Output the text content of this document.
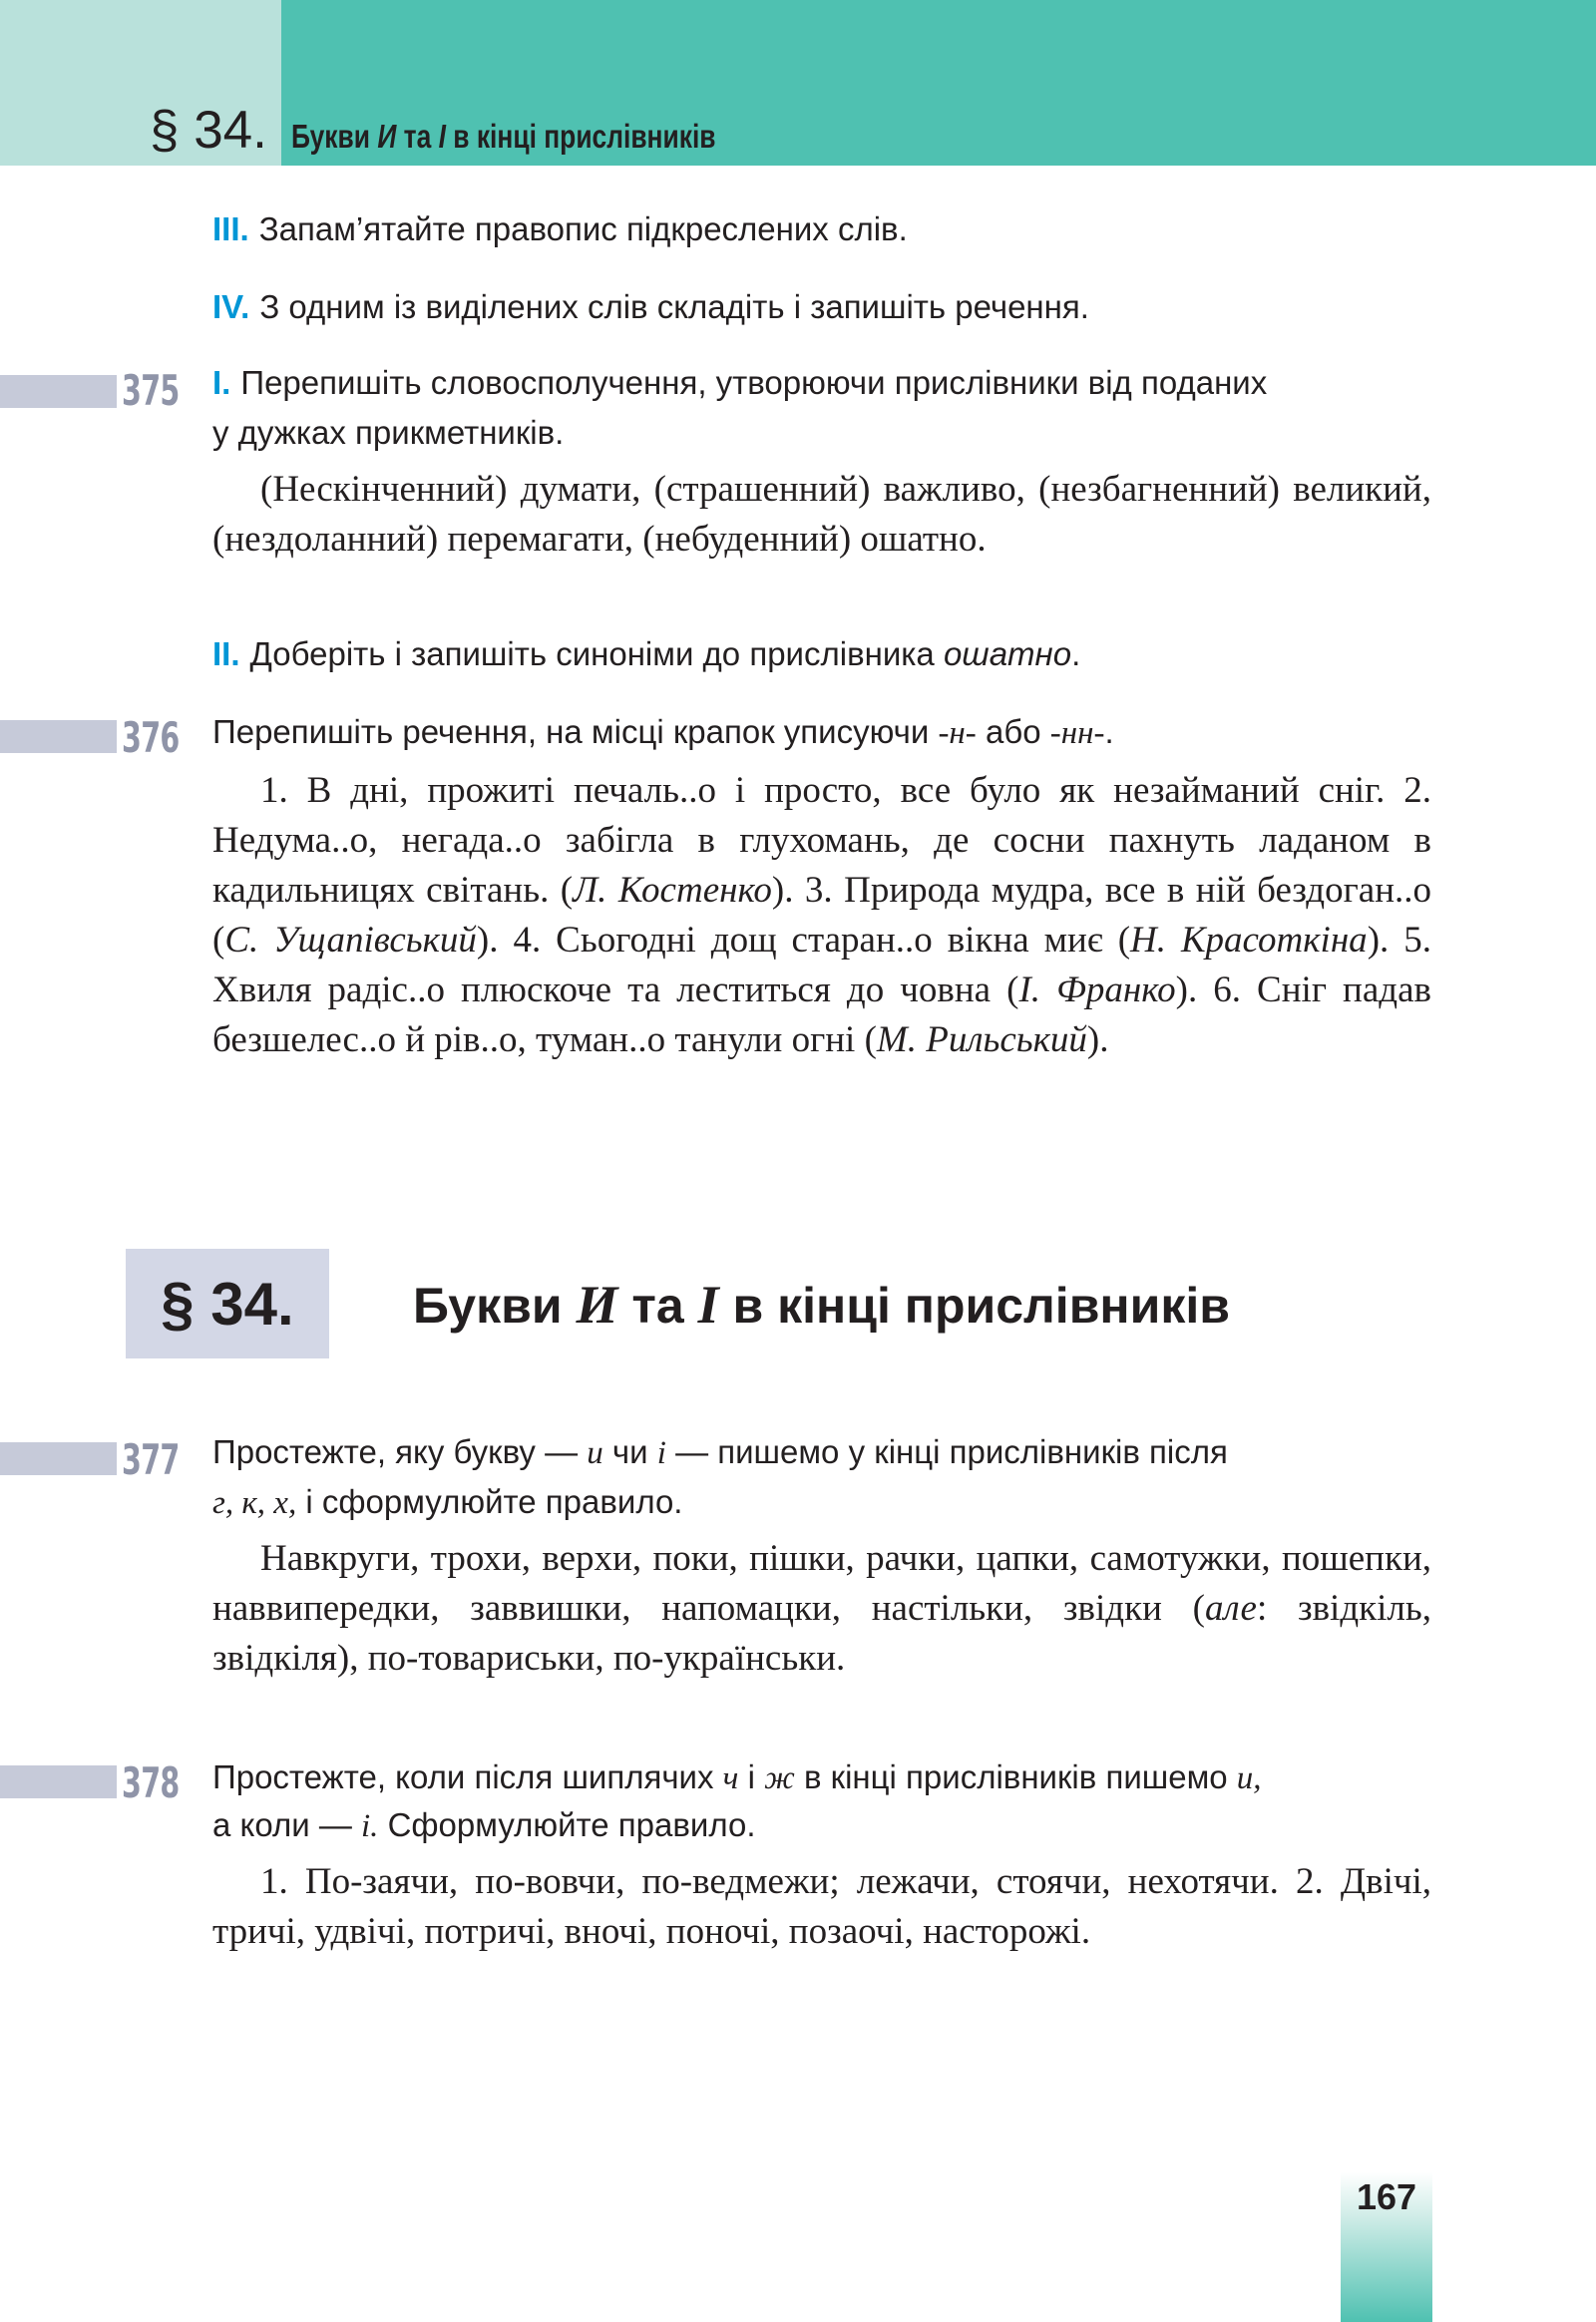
§ 34. Букви И та І в кінці прислівників
III. Запам’ятайте правопис підкреслених слів.
IV. З одним із виділених слів складіть і запишіть речення.
375 I. Перепишіть словосполучення, утворюючи прислівники від поданих
у дужках прикметників.
(Нескінченний) думати, (страшенний) важливо, (незбагненний) великий, (нездоланний) перемагати, (небуденний) ошатно.
II. Доберіть і запишіть синоніми до прислівника ошатно.
376 Перепишіть речення, на місці крапок уписуючи -н- або -нн-.
1. В дні, прожиті печаль..о і просто, все було як незайманий сніг. 2. Недума..о, негада..о забігла в глухомань, де сосни пахнуть ладаном в кадильницях світань. (Л. Костенко). 3. Природа мудра, все в ній бездоган..о (С. Ущапівський). 4. Сьогодні дощ старан..о вікна миє (Н. Красоткіна). 5. Хвиля радіс..о плюскоче та леститься до човна (І. Франко). 6. Сніг падав безшелес..о й рів..о, туман..о танули огні (М. Рильський).
§ 34.	Букви И та І в кінці прислівників
377 Простежте, яку букву — и чи і — пишемо у кінці прислівників після
г, к, х, і сформулюйте правило.
Навкруги, трохи, верхи, поки, пішки, рачки, цапки, самотужки, пошепки, наввипередки, заввишки, напомацки, настільки, звідки (але: звідкіль, звідкіля), по-товариськи, по-українськи.
378 Простежте, коли після шиплячих ч і ж в кінці прислівників пишемо и,
а коли — і. Сформулюйте правило.
1. По-заячи, по-вовчи, по-ведмежи; лежачи, стоячи, нехотячи. 2. Двічі, тричі, удвічі, потричі, вночі, поночі, позаочі, насторожі.
167
